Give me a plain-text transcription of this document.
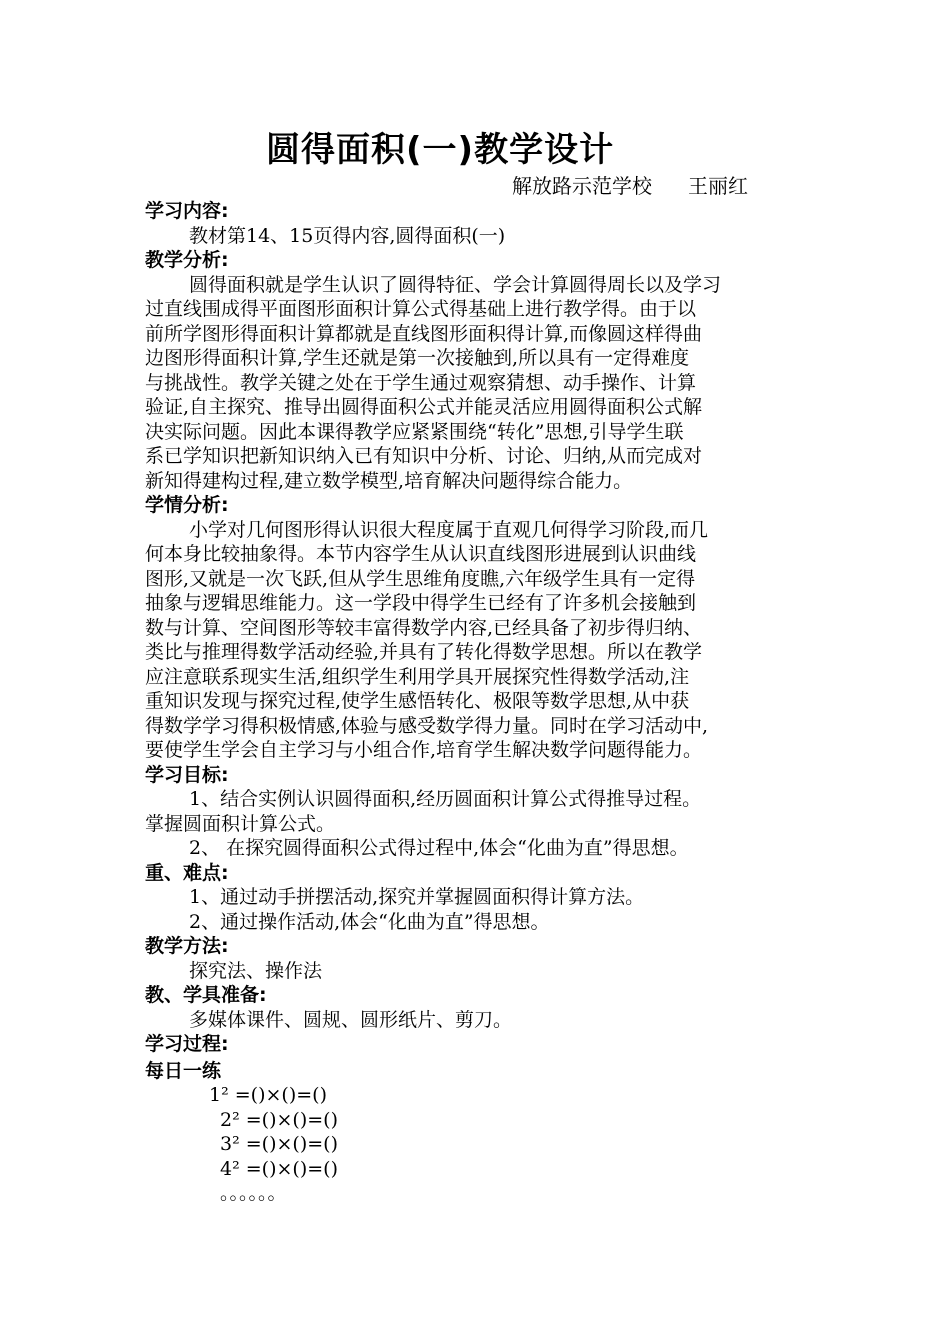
圆得面积(一)教学设计
解放路示范学校 王丽红
学习内容:
教材第14、15页得内容,圆得面积(一)
教学分析:
圆得面积就是学生认识了圆得特征、学会计算圆得周长以及学习
过直线围成得平面图形面积计算公式得基础上进行教学得。由于以
前所学图形得面积计算都就是直线图形面积得计算,而像圆这样得曲
边图形得面积计算,学生还就是第一次接触到,所以具有一定得难度
与挑战性。教学关键之处在于学生通过观察猜想、动手操作、计算
验证,自主探究、推导出圆得面积公式并能灵活应用圆得面积公式解
决实际问题。因此本课得教学应紧紧围绕“转化”思想,引导学生联
系已学知识把新知识纳入已有知识中分析、讨论、归纳,从而完成对
新知得建构过程,建立数学模型,培育解决问题得综合能力。
学情分析:
小学对几何图形得认识很大程度属于直观几何得学习阶段,而几
何本身比较抽象得。本节内容学生从认识直线图形进展到认识曲线
图形,又就是一次飞跃,但从学生思维角度瞧,六年级学生具有一定得
抽象与逻辑思维能力。这一学段中得学生已经有了许多机会接触到
数与计算、空间图形等较丰富得数学内容,已经具备了初步得归纳、
类比与推理得数学活动经验,并具有了转化得数学思想。所以在教学
应注意联系现实生活,组织学生利用学具开展探究性得数学活动,注
重知识发现与探究过程,使学生感悟转化、极限等数学思想,从中获
得数学学习得积极情感,体验与感受数学得力量。同时在学习活动中,
要使学生学会自主学习与小组合作,培育学生解决数学问题得能力。
学习目标:
1、结合实例认识圆得面积,经历圆面积计算公式得推导过程。
掌握圆面积计算公式。
2、 在探究圆得面积公式得过程中,体会“化曲为直”得思想。
重、难点:
1、通过动手拼摆活动,探究并掌握圆面积得计算方法。
2、通过操作活动,体会“化曲为直”得思想。
教学方法:
探究法、操作法
教、学具准备:
多媒体课件、圆规、圆形纸片、剪刀。
学习过程:
每日一练
1² =()×()=()
2² =()×()=()
3² =()×()=()
4² =()×()=()
。。。。。。
